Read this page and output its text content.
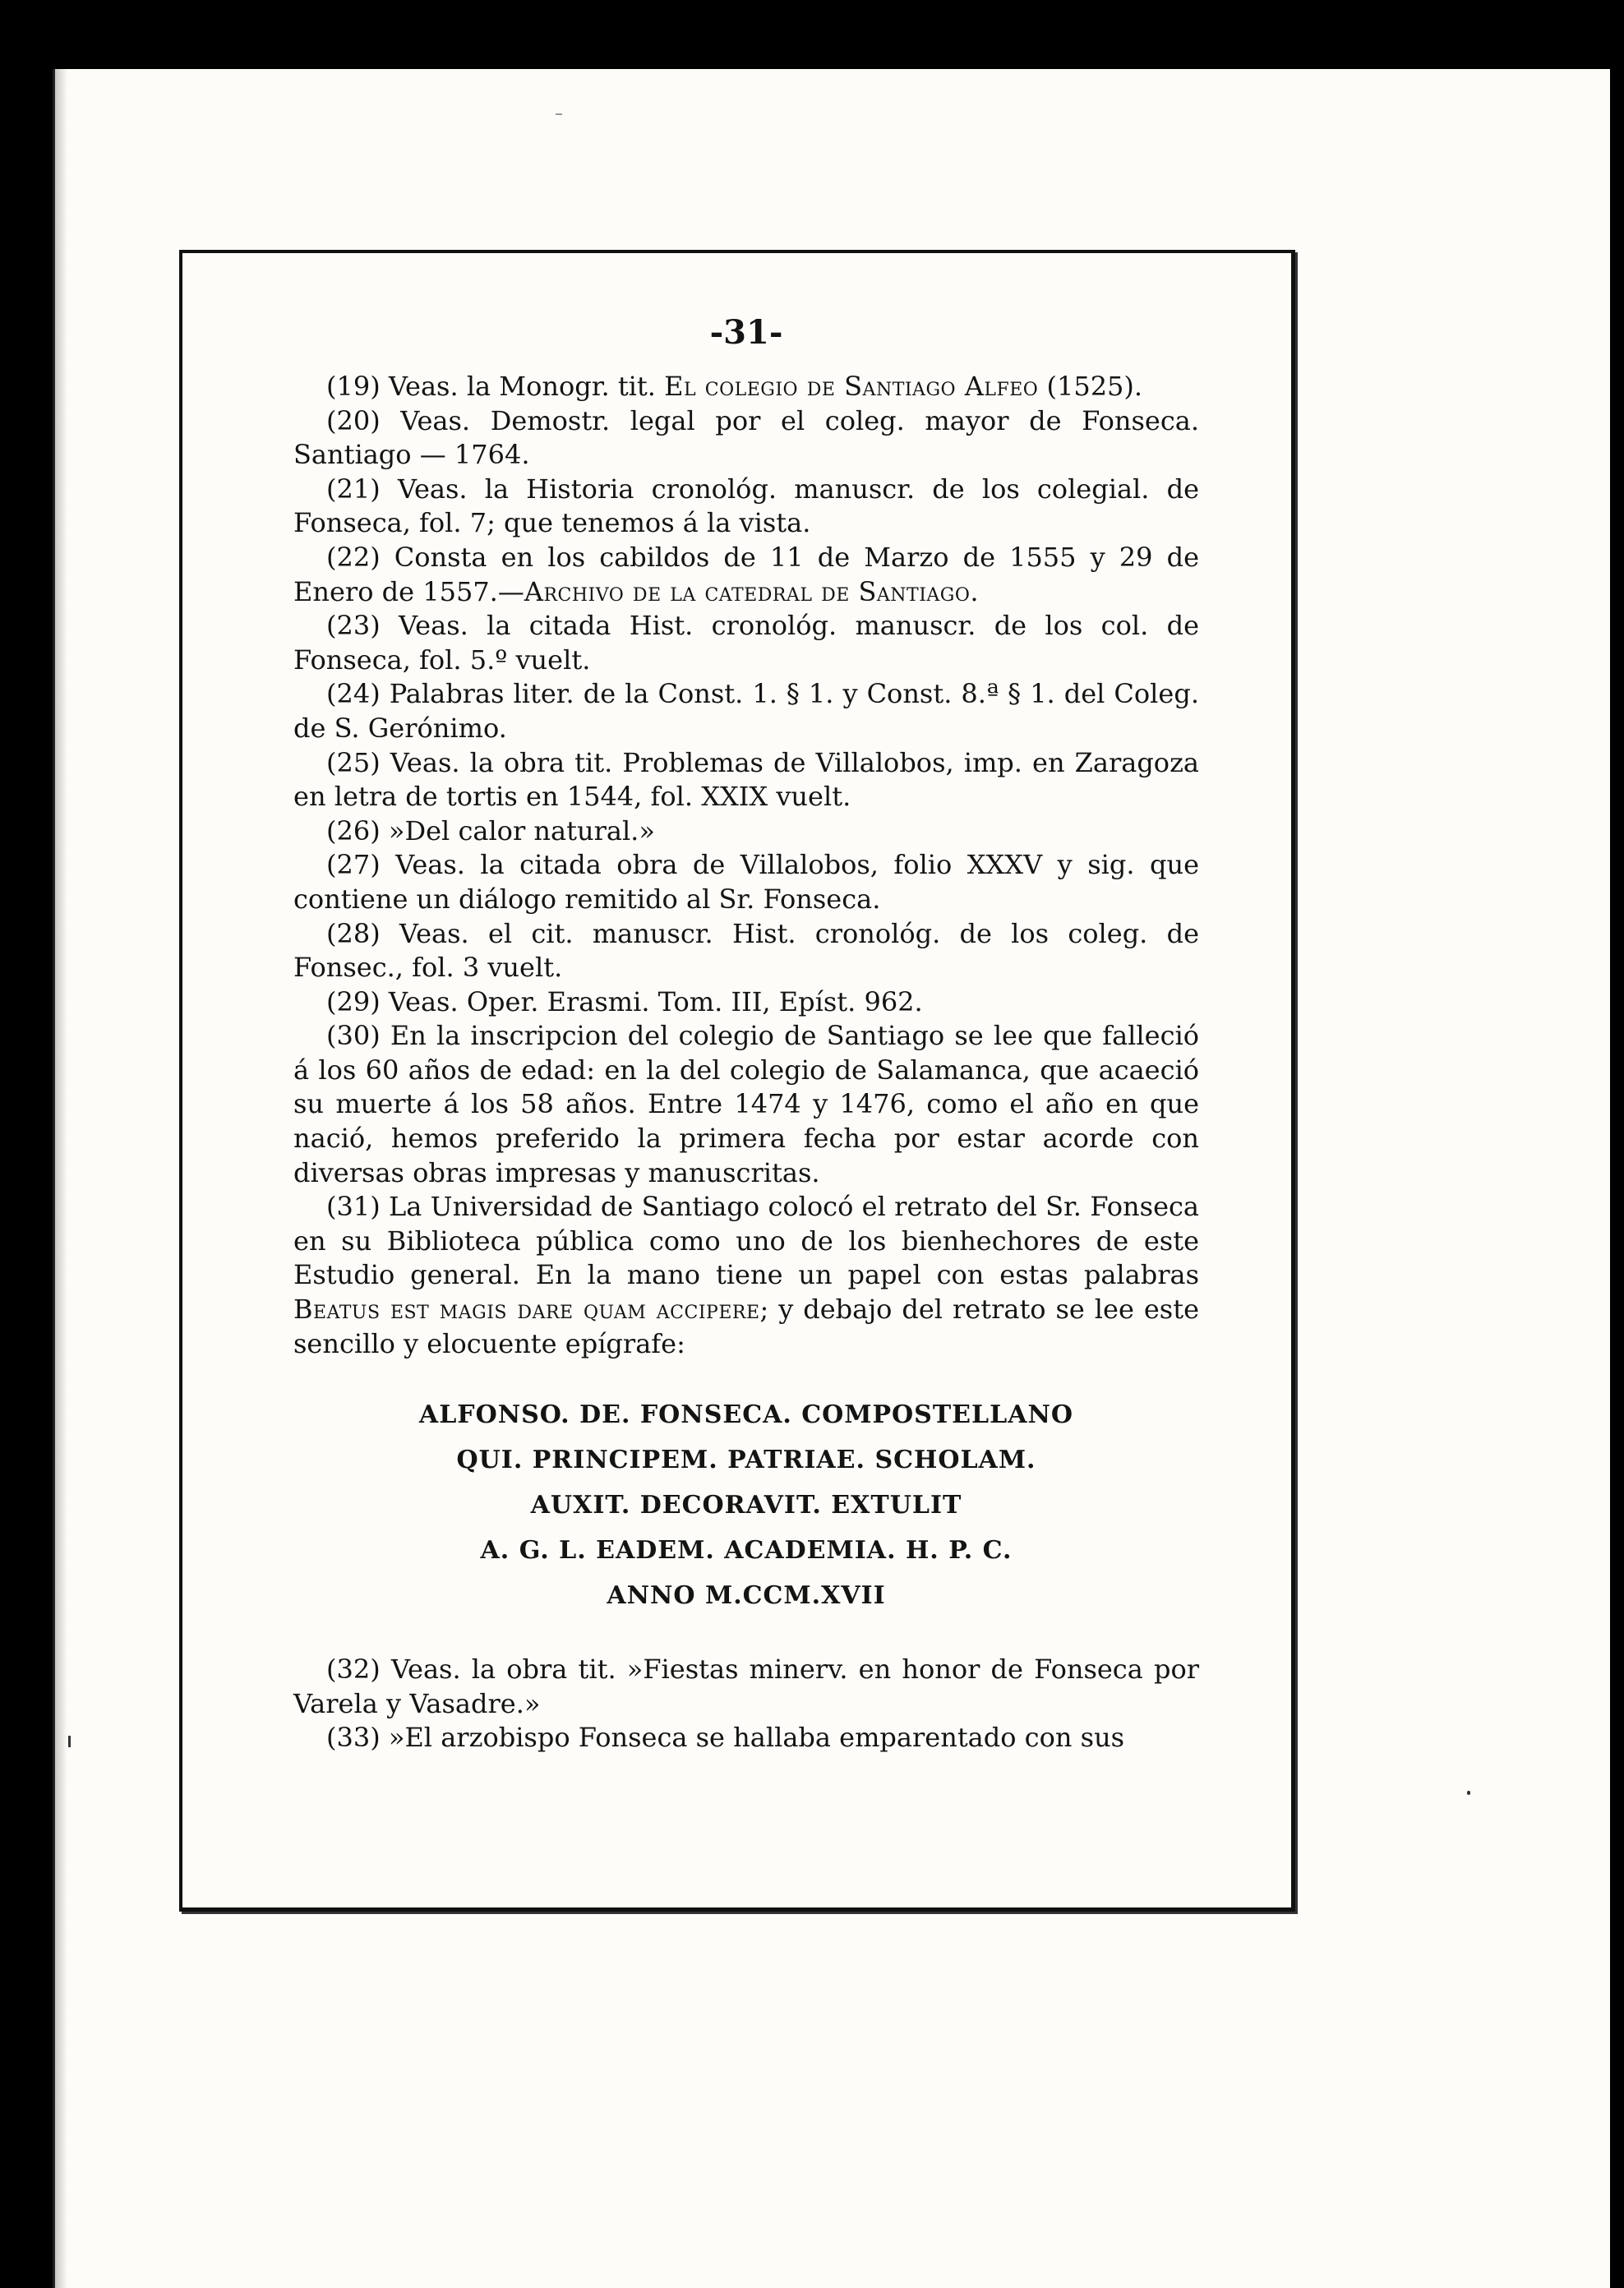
-31-
(19) Veas. la Monogr. tit. El colegio de Santiago Alfeo (1525).
(20) Veas. Demostr. legal por el coleg. mayor de Fonseca. Santiago — 1764.
(21) Veas. la Historia cronológ. manuscr. de los colegial. de Fonseca, fol. 7; que tenemos á la vista.
(22) Consta en los cabildos de 11 de Marzo de 1555 y 29 de Enero de 1557.—Archivo de la catedral de Santiago.
(23) Veas. la citada Hist. cronológ. manuscr. de los col. de Fonseca, fol. 5.º vuelt.
(24) Palabras liter. de la Const. 1. § 1. y Const. 8.ª § 1. del Coleg. de S. Gerónimo.
(25) Veas. la obra tit. Problemas de Villalobos, imp. en Zaragoza en letra de tortis en 1544, fol. XXIX vuelt.
(26) »Del calor natural.»
(27) Veas. la citada obra de Villalobos, folio XXXV y sig. que contiene un diálogo remitido al Sr. Fonseca.
(28) Veas. el cit. manuscr. Hist. cronológ. de los coleg. de Fonsec., fol. 3 vuelt.
(29) Veas. Oper. Erasmi. Tom. III, Epíst. 962.
(30) En la inscripcion del colegio de Santiago se lee que falleció á los 60 años de edad: en la del colegio de Salamanca, que acaeció su muerte á los 58 años. Entre 1474 y 1476, como el año en que nació, hemos preferido la primera fecha por estar acorde con diversas obras impresas y manuscritas.
(31) La Universidad de Santiago colocó el retrato del Sr. Fonseca en su Biblioteca pública como uno de los bienhechores de este Estudio general. En la mano tiene un papel con estas palabras Beatus est magis dare quam accipere; y debajo del retrato se lee este sencillo y elocuente epígrafe:
ALFONSO. DE. FONSECA. COMPOSTELLANO
QUI. PRINCIPEM. PATRIAE. SCHOLAM.
AUXIT. DECORAVIT. EXTULIT
A. G. L. EADEM. ACADEMIA. H. P. C.
ANNO M.CCM.XVII
(32) Veas. la obra tit. »Fiestas minerv. en honor de Fonseca por Varela y Vasadre.»
(33) »El arzobispo Fonseca se hallaba emparentado con sus
